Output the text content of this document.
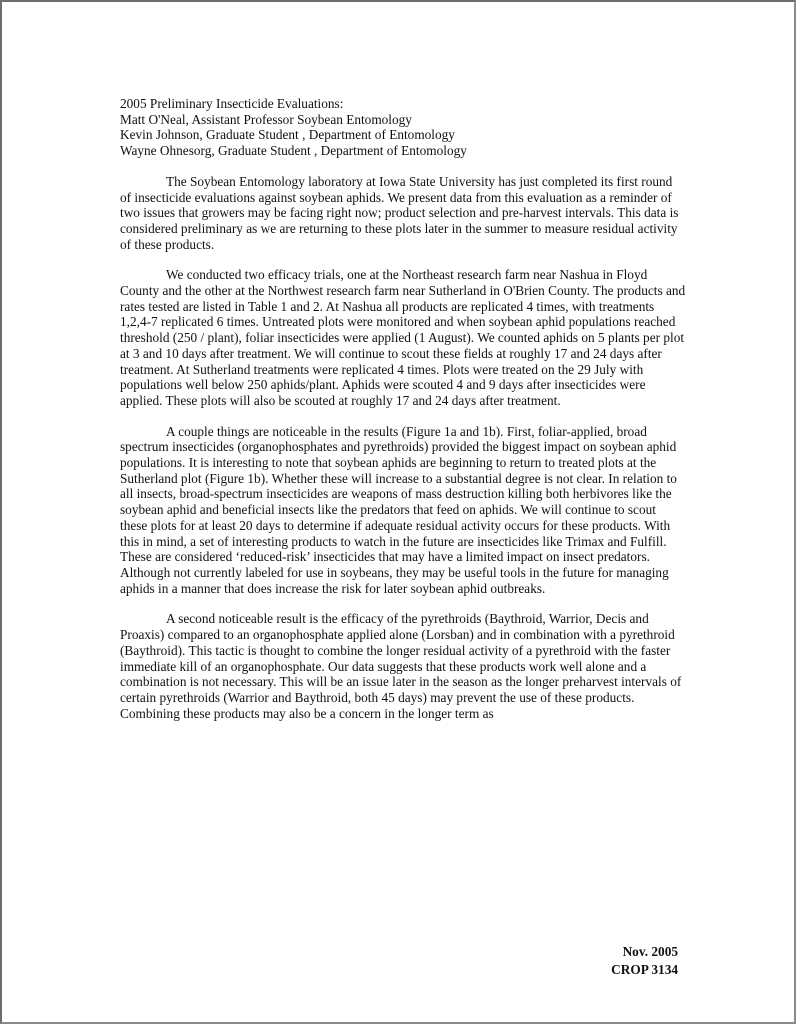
2005 Preliminary Insecticide Evaluations:
Matt O'Neal, Assistant Professor Soybean Entomology
Kevin Johnson, Graduate Student , Department of Entomology
Wayne Ohnesorg, Graduate Student , Department of Entomology

The Soybean Entomology laboratory at Iowa State University has just completed its first round of insecticide evaluations against soybean aphids. We present data from this evaluation as a reminder of two issues that growers may be facing right now; product selection and pre-harvest intervals. This data is considered preliminary as we are returning to these plots later in the summer to measure residual activity of these products.

We conducted two efficacy trials, one at the Northeast research farm near Nashua in Floyd County and the other at the Northwest research farm near Sutherland in O'Brien County. The products and rates tested are listed in Table 1 and 2. At Nashua all products are replicated 4 times, with treatments 1,2,4-7 replicated 6 times. Untreated plots were monitored and when soybean aphid populations reached threshold (250 / plant), foliar insecticides were applied (1 August). We counted aphids on 5 plants per plot at 3 and 10 days after treatment. We will continue to scout these fields at roughly 17 and 24 days after treatment. At Sutherland treatments were replicated 4 times. Plots were treated on the 29 July with populations well below 250 aphids/plant. Aphids were scouted 4 and 9 days after insecticides were applied. These plots will also be scouted at roughly 17 and 24 days after treatment.

A couple things are noticeable in the results (Figure 1a and 1b). First, foliar-applied, broad spectrum insecticides (organophosphates and pyrethroids) provided the biggest impact on soybean aphid populations. It is interesting to note that soybean aphids are beginning to return to treated plots at the Sutherland plot (Figure 1b). Whether these will increase to a substantial degree is not clear. In relation to all insects, broad-spectrum insecticides are weapons of mass destruction killing both herbivores like the soybean aphid and beneficial insects like the predators that feed on aphids. We will continue to scout these plots for at least 20 days to determine if adequate residual activity occurs for these products. With this in mind, a set of interesting products to watch in the future are insecticides like Trimax and Fulfill. These are considered ‘reduced-risk’ insecticides that may have a limited impact on insect predators. Although not currently labeled for use in soybeans, they may be useful tools in the future for managing aphids in a manner that does increase the risk for later soybean aphid outbreaks.

A second noticeable result is the efficacy of the pyrethroids (Baythroid, Warrior, Decis and Proaxis) compared to an organophosphate applied alone (Lorsban) and in combination with a pyrethroid (Baythroid). This tactic is thought to combine the longer residual activity of a pyrethroid with the faster immediate kill of an organophosphate. Our data suggests that these products work well alone and a combination is not necessary. This will be an issue later in the season as the longer preharvest intervals of certain pyrethroids (Warrior and Baythroid, both 45 days) may prevent the use of these products. Combining these products may also be a concern in the longer term as

Nov. 2005
CROP 3134
